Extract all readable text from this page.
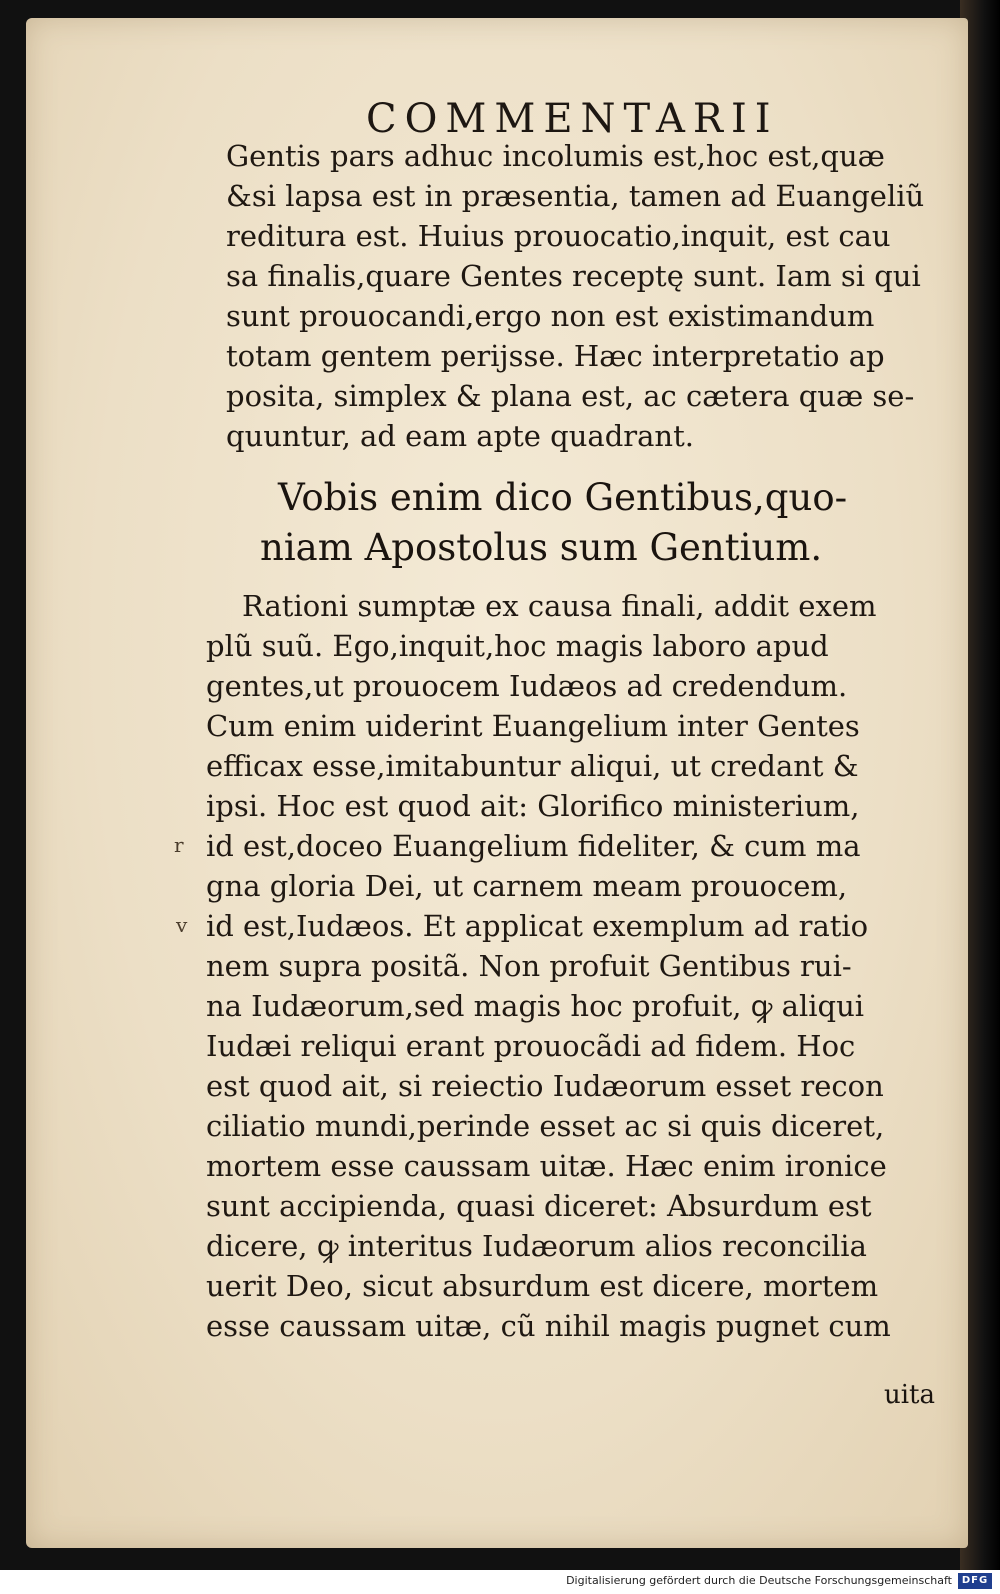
COMMENTARII
Gentis pars adhuc incolumis est,hoc est,quæ
&si lapsa est in præsentia, tamen ad Euangeliũ
reditura est. Huius prouocatio,inquit, est cau
sa finalis,quare Gentes receptę sunt. Iam si qui
sunt prouocandi,ergo non est existimandum
totam gentem perijsse. Hæc interpretatio ap
posita, simplex & plana est, ac cætera quæ se-
quuntur, ad eam apte quadrant.
Vobis enim dico Gentibus,quo-
niam Apostolus sum Gentium.
Rationi sumptæ ex causa finali, addit exem
plũ suũ. Ego,inquit,hoc magis laboro apud
gentes,ut prouocem Iudæos ad credendum.
Cum enim uiderint Euangelium inter Gentes
efficax esse,imitabuntur aliqui, ut credant &
ipsi. Hoc est quod ait: Glorifico ministerium,
id est,doceo Euangelium fideliter, & cum ma
gna gloria Dei, ut carnem meam prouocem,
id est,Iudæos. Et applicat exemplum ad ratio
nem supra positã. Non profuit Gentibus rui-
na Iudæorum,sed magis hoc profuit, ꝙ aliqui
Iudæi reliqui erant prouocãdi ad fidem. Hoc
est quod ait, si reiectio Iudæorum esset recon
ciliatio mundi,perinde esset ac si quis diceret,
mortem esse caussam uitæ. Hæc enim ironice
sunt accipienda, quasi diceret: Absurdum est
dicere, ꝙ interitus Iudæorum alios reconcilia
uerit Deo, sicut absurdum est dicere, mortem
esse caussam uitæ, cũ nihil magis pugnet cum
uita
r
v
Digitalisierung gefördert durch die Deutsche Forschungsgemeinschaft DFG
